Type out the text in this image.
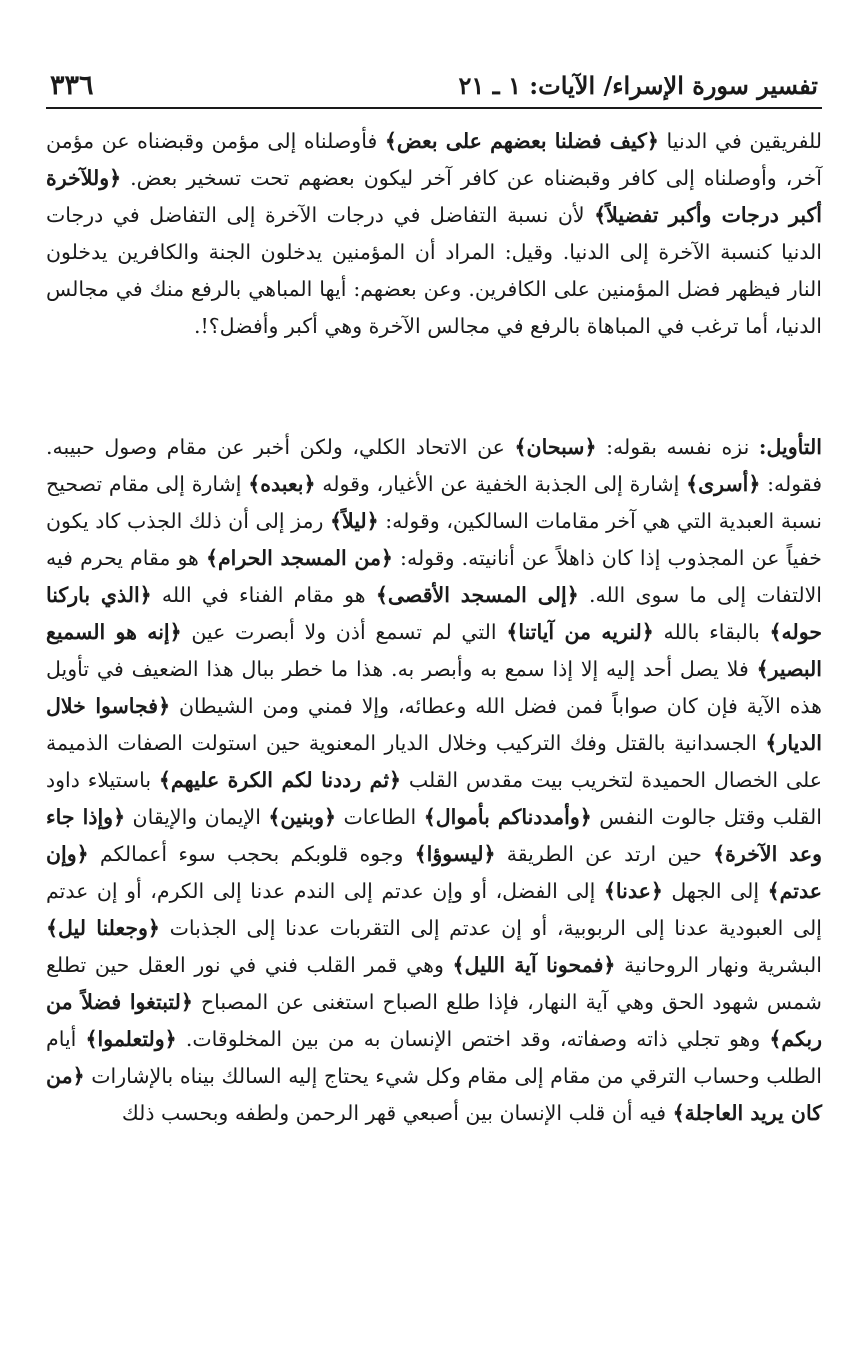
تفسير سورة الإسراء/ الآيات: ١ ـ ٢١
٣٣٦

للفريقين في الدنيا ﴿كيف فضلنا بعضهم على بعض﴾ فأوصلناه إلى مؤمن وقبضناه عن مؤمن آخر، وأوصلناه إلى كافر وقبضناه عن كافر آخر ليكون بعضهم تحت تسخير بعض. ﴿وللآخرة أكبر درجات وأكبر تفضيلاً﴾ لأن نسبة التفاضل في درجات الآخرة إلى التفاضل في درجات الدنيا كنسبة الآخرة إلى الدنيا. وقيل: المراد أن المؤمنين يدخلون الجنة والكافرين يدخلون النار فيظهر فضل المؤمنين على الكافرين. وعن بعضهم: أيها المباهي بالرفع منك في مجالس الدنيا، أما ترغب في المباهاة بالرفع في مجالس الآخرة وهي أكبر وأفضل؟!.

التأويل: نزه نفسه بقوله: ﴿سبحان﴾ عن الاتحاد الكلي، ولكن أخبر عن مقام وصول حبيبه. فقوله: ﴿أسرى﴾ إشارة إلى الجذبة الخفية عن الأغيار، وقوله ﴿بعبده﴾ إشارة إلى مقام تصحيح نسبة العبدية التي هي آخر مقامات السالكين، وقوله: ﴿ليلاً﴾ رمز إلى أن ذلك الجذب كاد يكون خفياً عن المجذوب إذا كان ذاهلاً عن أنانيته. وقوله: ﴿من المسجد الحرام﴾ هو مقام يحرم فيه الالتفات إلى ما سوى الله. ﴿إلى المسجد الأقصى﴾ هو مقام الفناء في الله ﴿الذي باركنا حوله﴾ بالبقاء بالله ﴿لنريه من آياتنا﴾ التي لم تسمع أذن ولا أبصرت عين ﴿إنه هو السميع البصير﴾ فلا يصل أحد إليه إلا إذا سمع به وأبصر به. هذا ما خطر ببال هذا الضعيف في تأويل هذه الآية فإن كان صواباً فمن فضل الله وعطائه، وإلا فمني ومن الشيطان ﴿فجاسوا خلال الديار﴾ الجسدانية بالقتل وفك التركيب وخلال الديار المعنوية حين استولت الصفات الذميمة على الخصال الحميدة لتخريب بيت مقدس القلب ﴿ثم رددنا لكم الكرة عليهم﴾ باستيلاء داود القلب وقتل جالوت النفس ﴿وأمددناكم بأموال﴾ الطاعات ﴿وبنين﴾ الإيمان والإيقان ﴿وإذا جاء وعد الآخرة﴾ حين ارتد عن الطريقة ﴿ليسوؤا﴾ وجوه قلوبكم بحجب سوء أعمالكم ﴿وإن عدتم﴾ إلى الجهل ﴿عدنا﴾ إلى الفضل، أو وإن عدتم إلى الندم عدنا إلى الكرم، أو إن عدتم إلى العبودية عدنا إلى الربوبية، أو إن عدتم إلى التقربات عدنا إلى الجذبات ﴿وجعلنا ليل﴾ البشرية ونهار الروحانية ﴿فمحونا آية الليل﴾ وهي قمر القلب فني في نور العقل حين تطلع شمس شهود الحق وهي آية النهار، فإذا طلع الصباح استغنى عن المصباح ﴿لتبتغوا فضلاً من ربكم﴾ وهو تجلي ذاته وصفاته، وقد اختص الإنسان به من بين المخلوقات. ﴿ولتعلموا﴾ أيام الطلب وحساب الترقي من مقام إلى مقام وكل شيء يحتاج إليه السالك بيناه بالإشارات ﴿من كان يريد العاجلة﴾ فيه أن قلب الإنسان بين أصبعي قهر الرحمن ولطفه وبحسب ذلك
